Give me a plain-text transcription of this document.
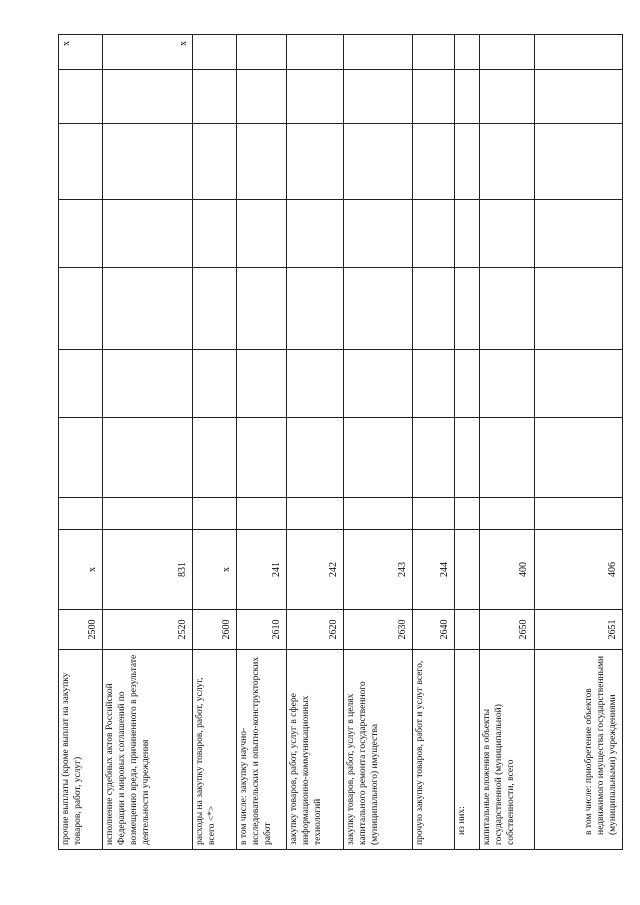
прочие выплаты (кроме выплат на закупку товаров, работ, услуг)	2500	х								х
исполнение судебных актов Российской Федерации и мировых соглашений по возмещению вреда, причиненного в результате деятельности учреждения	2520	831								х
расходы на закупку товаров, работ, услуг, всего <*>	2600	х								
в том числе: закупку научно-исследовательских и опытно-конструкторских работ	2610	241								
закупку товаров, работ, услуг в сфере информационно-коммуникационных технологий	2620	242								
закупку товаров, работ, услуг в целях капитального ремонта государственного (муниципального) имущества	2630	243								
прочую закупку товаров, работ и услуг всего,	2640	244								
из них:										
капитальные вложения в объекты государственной (муниципальной) собственности, всего	2650	400								
в том числе: приобретение объектов недвижимого имущества государственными (муниципальными) учреждениями	2651	406								
